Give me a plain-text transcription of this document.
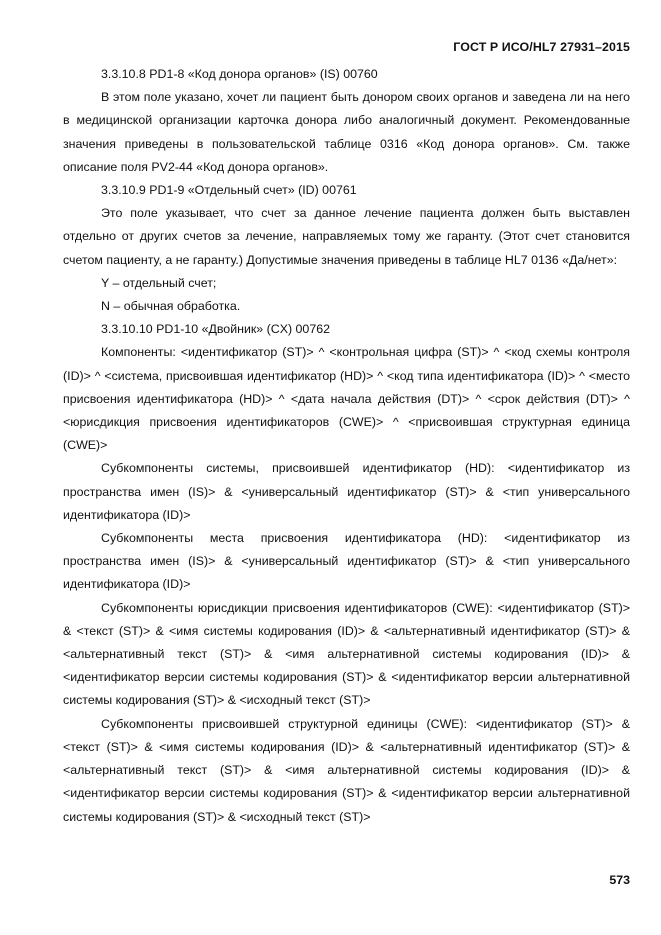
ГОСТ Р ИСО/HL7 27931–2015

3.3.10.8 PD1-8 «Код донора органов» (IS) 00760

В этом поле указано, хочет ли пациент быть донором своих органов и заведена ли на него в медицинской организации карточка донора либо аналогичный документ. Рекомендованные значения приведены в пользовательской таблице 0316 «Код донора органов». См. также описание поля PV2-44 «Код донора органов».

3.3.10.9 PD1-9 «Отдельный счет» (ID) 00761

Это поле указывает, что счет за данное лечение пациента должен быть выставлен отдельно от других счетов за лечение, направляемых тому же гаранту. (Этот счет становится счетом пациенту, а не гаранту.) Допустимые значения приведены в таблице HL7 0136 «Да/нет»:

Y – отдельный счет;

N – обычная обработка.

3.3.10.10 PD1-10 «Двойник» (CX) 00762

Компоненты: <идентификатор (ST)> ^ <контрольная цифра (ST)> ^ <код схемы контроля (ID)> ^ <система, присвоившая идентификатор (HD)> ^ <код типа идентификатора (ID)> ^ <место присвоения идентификатора (HD)> ^ <дата начала действия (DT)> ^ <срок действия (DT)> ^ <юрисдикция присвоения идентификаторов (CWE)> ^ <присвоившая структурная единица (CWE)>

Субкомпоненты системы, присвоившей идентификатор (HD): <идентификатор из пространства имен (IS)> & <универсальный идентификатор (ST)> & <тип универсального идентификатора (ID)>

Субкомпоненты места присвоения идентификатора (HD): <идентификатор из пространства имен (IS)> & <универсальный идентификатор (ST)> & <тип универсального идентификатора (ID)>

Субкомпоненты юрисдикции присвоения идентификаторов (CWE): <идентификатор (ST)> & <текст (ST)> & <имя системы кодирования (ID)> & <альтернативный идентификатор (ST)> & <альтернативный текст (ST)> & <имя альтернативной системы кодирования (ID)> & <идентификатор версии системы кодирования (ST)> & <идентификатор версии альтернативной системы кодирования (ST)> & <исходный текст (ST)>

Субкомпоненты присвоившей структурной единицы (CWE): <идентификатор (ST)> & <текст (ST)> & <имя системы кодирования (ID)> & <альтернативный идентификатор (ST)> & <альтернативный текст (ST)> & <имя альтернативной системы кодирования (ID)> & <идентификатор версии системы кодирования (ST)> & <идентификатор версии альтернативной системы кодирования (ST)> & <исходный текст (ST)>

573
